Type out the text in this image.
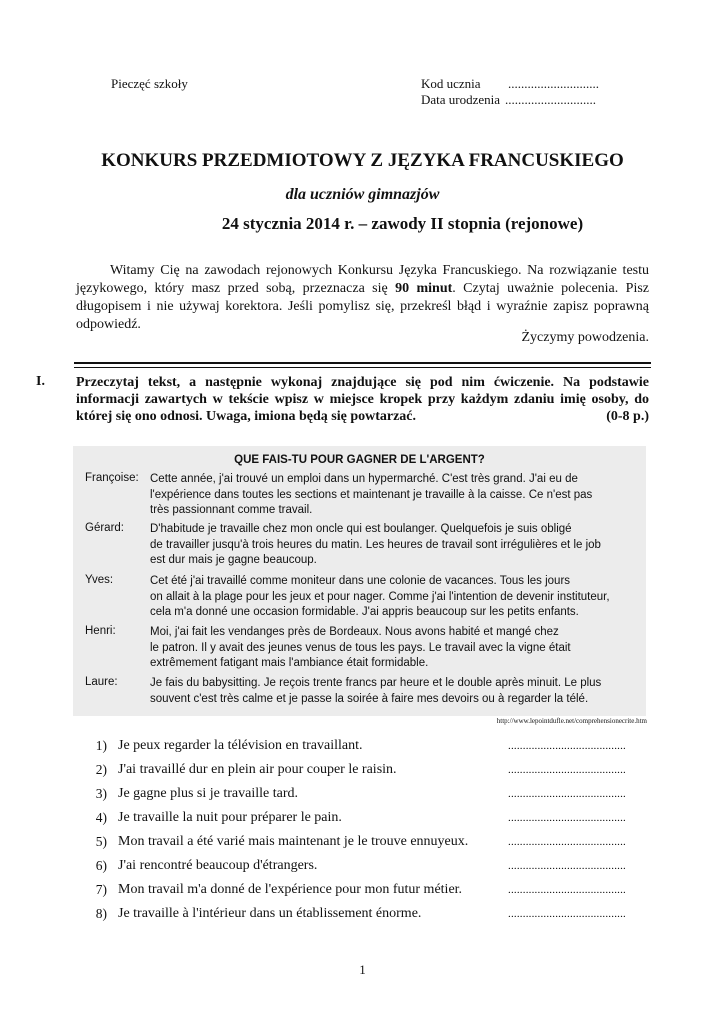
Pieczęć szkoły	Kod ucznia ............................
Data urodzenia ............................
KONKURS PRZEDMIOTOWY Z JĘZYKA FRANCUSKIEGO
dla uczniów gimnazjów
24 stycznia 2014 r. – zawody II stopnia (rejonowe)

Witamy Cię na zawodach rejonowych Konkursu Języka Francuskiego. Na rozwiązanie testu językowego, który masz przed sobą, przeznacza się 90 minut. Czytaj uważnie polecenia. Pisz długopisem i nie używaj korektora. Jeśli pomylisz się, przekreśl błąd i wyraźnie zapisz poprawną odpowiedź.

Życzymy powodzenia.
I. Przeczytaj tekst, a następnie wykonaj znajdujące się pod nim ćwiczenie. Na podstawie informacji zawartych w tekście wpisz w miejsce kropek przy każdym zdaniu imię osoby, do której się ono odnosi. Uwaga, imiona będą się powtarzać.	(0-8 p.)
QUE FAIS-TU POUR GAGNER DE L'ARGENT?
Françoise: Cette année, j'ai trouvé un emploi dans un hypermarché. C'est très grand. J'ai eu de
l'expérience dans toutes les sections et maintenant je travaille à la caisse. Ce n'est pas
très passionnant comme travail.
Gérard: D'habitude je travaille chez mon oncle qui est boulanger. Quelquefois je suis obligé
de travailler jusqu'à trois heures du matin. Les heures de travail sont irrégulières et le job
est dur mais je gagne beaucoup.
Yves:	Cet été j'ai travaillé comme moniteur dans une colonie de vacances. Tous les jours
on allait à la plage pour les jeux et pour nager. Comme j'ai l'intention de devenir instituteur,
cela m'a donné une occasion formidable. J'ai appris beaucoup sur les petits enfants.
Henri:	Moi, j'ai fait les vendanges près de Bordeaux. Nous avons habité et mangé chez
le patron. Il y avait des jeunes venus de tous les pays. Le travail avec la vigne était
extrêmement fatigant mais l'ambiance était formidable.
Laure:	Je fais du babysitting. Je reçois trente francs par heure et le double après minuit. Le plus
souvent c'est très calme et je passe la soirée à faire mes devoirs ou à regarder la télé.
http://www.lepointdufle.net/comprehensionecrite.htm
1) Je peux regarder la télévision en travaillant.	........................................
2) J'ai travaillé dur en plein air pour couper le raisin.	........................................
3) Je gagne plus si je travaille tard.	........................................
4) Je travaille la nuit pour préparer le pain.	........................................
5) Mon travail a été varié mais maintenant je le trouve ennuyeux.	........................................
6) J'ai rencontré beaucoup d'étrangers.	........................................
7) Mon travail m'a donné de l'expérience pour mon futur métier.	........................................
8) Je travaille à l'intérieur dans un établissement énorme.	........................................
1
